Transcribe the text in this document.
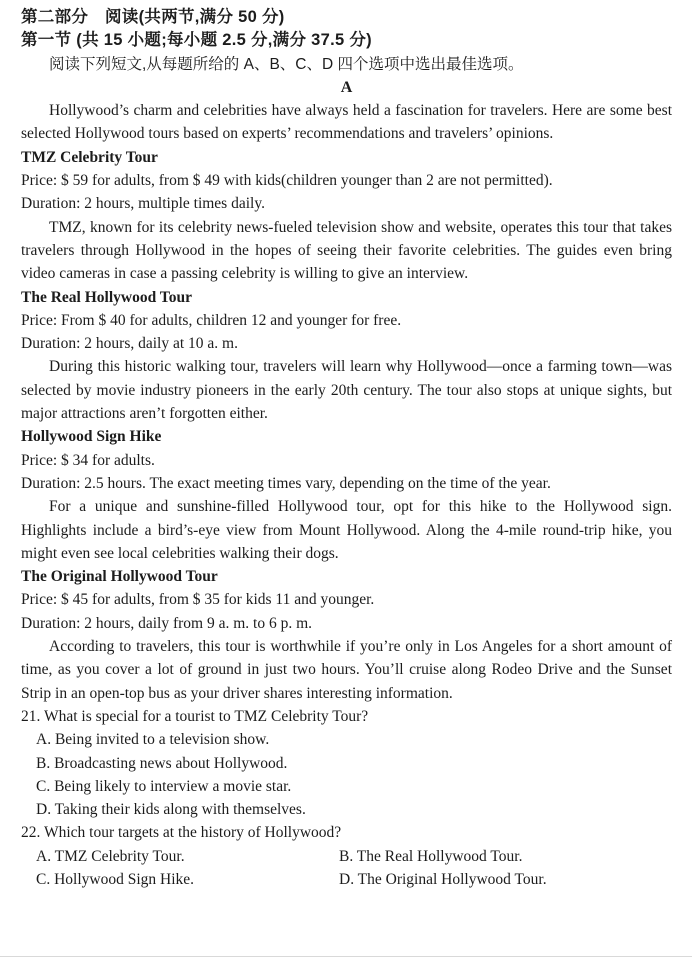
第二部分　阅读(共两节,满分 50 分)
第一节 (共 15 小题;每小题 2.5 分,满分 37.5 分)
阅读下列短文,从每题所给的 A、B、C、D 四个选项中选出最佳选项。
A
Hollywood’s charm and celebrities have always held a fascination for travelers. Here are some best selected Hollywood tours based on experts’ recommendations and travelers’ opinions.
TMZ Celebrity Tour
Price: $ 59 for adults, from $ 49 with kids(children younger than 2 are not permitted).
Duration: 2 hours, multiple times daily.
TMZ, known for its celebrity news-fueled television show and website, operates this tour that takes travelers through Hollywood in the hopes of seeing their favorite celebrities. The guides even bring video cameras in case a passing celebrity is willing to give an interview.
The Real Hollywood Tour
Price: From $ 40 for adults, children 12 and younger for free.
Duration: 2 hours, daily at 10 a. m.
During this historic walking tour, travelers will learn why Hollywood—once a farming town—was selected by movie industry pioneers in the early 20th century. The tour also stops at unique sights, but major attractions aren’t forgotten either.
Hollywood Sign Hike
Price: $ 34 for adults.
Duration: 2.5 hours. The exact meeting times vary, depending on the time of the year.
For a unique and sunshine-filled Hollywood tour, opt for this hike to the Hollywood sign. Highlights include a bird’s-eye view from Mount Hollywood. Along the 4-mile round-trip hike, you might even see local celebrities walking their dogs.
The Original Hollywood Tour
Price: $ 45 for adults, from $ 35 for kids 11 and younger.
Duration: 2 hours, daily from 9 a. m. to 6 p. m.
According to travelers, this tour is worthwhile if you’re only in Los Angeles for a short amount of time, as you cover a lot of ground in just two hours. You’ll cruise along Rodeo Drive and the Sunset Strip in an open-top bus as your driver shares interesting information.
21. What is special for a tourist to TMZ Celebrity Tour?
A. Being invited to a television show.
B. Broadcasting news about Hollywood.
C. Being likely to interview a movie star.
D. Taking their kids along with themselves.
22. Which tour targets at the history of Hollywood?
A. TMZ Celebrity Tour.	B. The Real Hollywood Tour.
C. Hollywood Sign Hike.	D. The Original Hollywood Tour.
